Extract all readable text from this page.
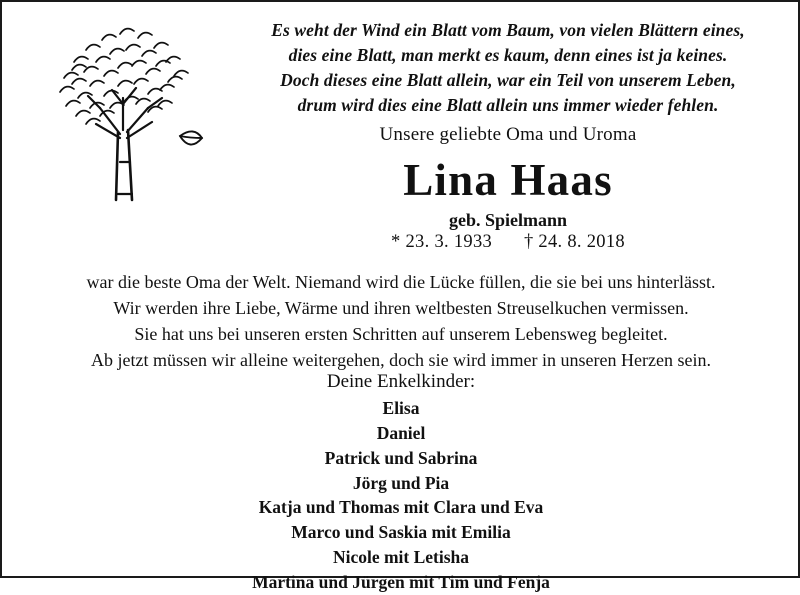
Es weht der Wind ein Blatt vom Baum, von vielen Blättern eines,
dies eine Blatt, man merkt es kaum, denn eines ist ja keines.
Doch dieses eine Blatt allein, war ein Teil von unserem Leben,
drum wird dies eine Blatt allein uns immer wieder fehlen.
Unsere geliebte Oma und Uroma
Lina Haas
geb. Spielmann
* 23. 3. 1933 † 24. 8. 2018
war die beste Oma der Welt. Niemand wird die Lücke füllen, die sie bei uns hinterlässt.
Wir werden ihre Liebe, Wärme und ihren weltbesten Streuselkuchen vermissen.
Sie hat uns bei unseren ersten Schritten auf unserem Lebensweg begleitet.
Ab jetzt müssen wir alleine weitergehen, doch sie wird immer in unseren Herzen sein.
Deine Enkelkinder:
Elisa
Daniel
Patrick und Sabrina
Jörg und Pia
Katja und Thomas mit Clara und Eva
Marco und Saskia mit Emilia
Nicole mit Letisha
Martina und Jürgen mit Tim und Fenja
